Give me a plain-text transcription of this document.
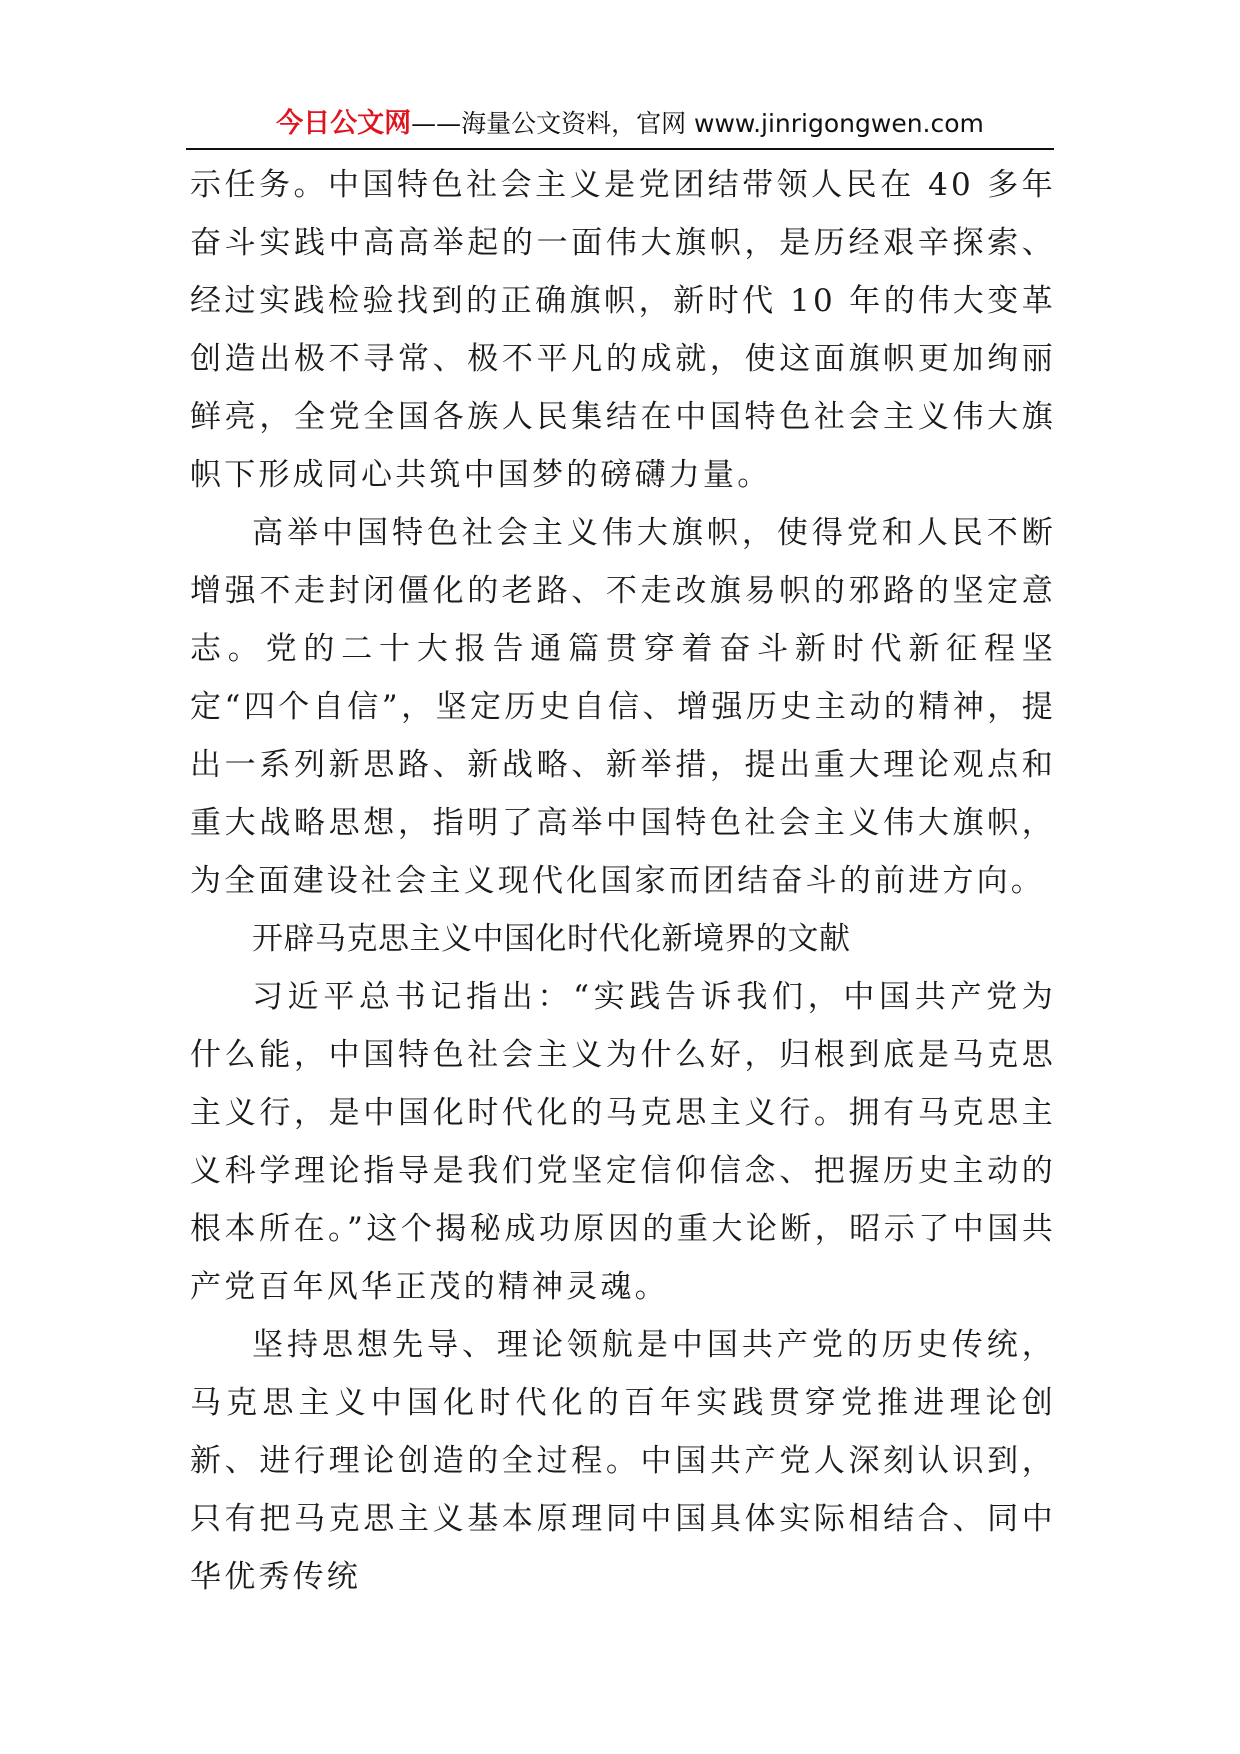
今日公文网——海量公文资料，官网 www.jinrigongwen.com

示任务。中国特色社会主义是党团结带领人民在 40 多年奋斗实践中高高举起的一面伟大旗帜，是历经艰辛探索、经过实践检验找到的正确旗帜，新时代 10 年的伟大变革创造出极不寻常、极不平凡的成就，使这面旗帜更加绚丽鲜亮，全党全国各族人民集结在中国特色社会主义伟大旗帜下形成同心共筑中国梦的磅礴力量。

高举中国特色社会主义伟大旗帜，使得党和人民不断增强不走封闭僵化的老路、不走改旗易帜的邪路的坚定意志。党的二十大报告通篇贯穿着奋斗新时代新征程坚定“四个自信”，坚定历史自信、增强历史主动的精神，提出一系列新思路、新战略、新举措，提出重大理论观点和重大战略思想，指明了高举中国特色社会主义伟大旗帜，为全面建设社会主义现代化国家而团结奋斗的前进方向。

开辟马克思主义中国化时代化新境界的文献

习近平总书记指出：“实践告诉我们，中国共产党为什么能，中国特色社会主义为什么好，归根到底是马克思主义行，是中国化时代化的马克思主义行。拥有马克思主义科学理论指导是我们党坚定信仰信念、把握历史主动的根本所在。”这个揭秘成功原因的重大论断，昭示了中国共产党百年风华正茂的精神灵魂。

坚持思想先导、理论领航是中国共产党的历史传统，马克思主义中国化时代化的百年实践贯穿党推进理论创新、进行理论创造的全过程。中国共产党人深刻认识到，只有把马克思主义基本原理同中国具体实际相结合、同中华优秀传统
